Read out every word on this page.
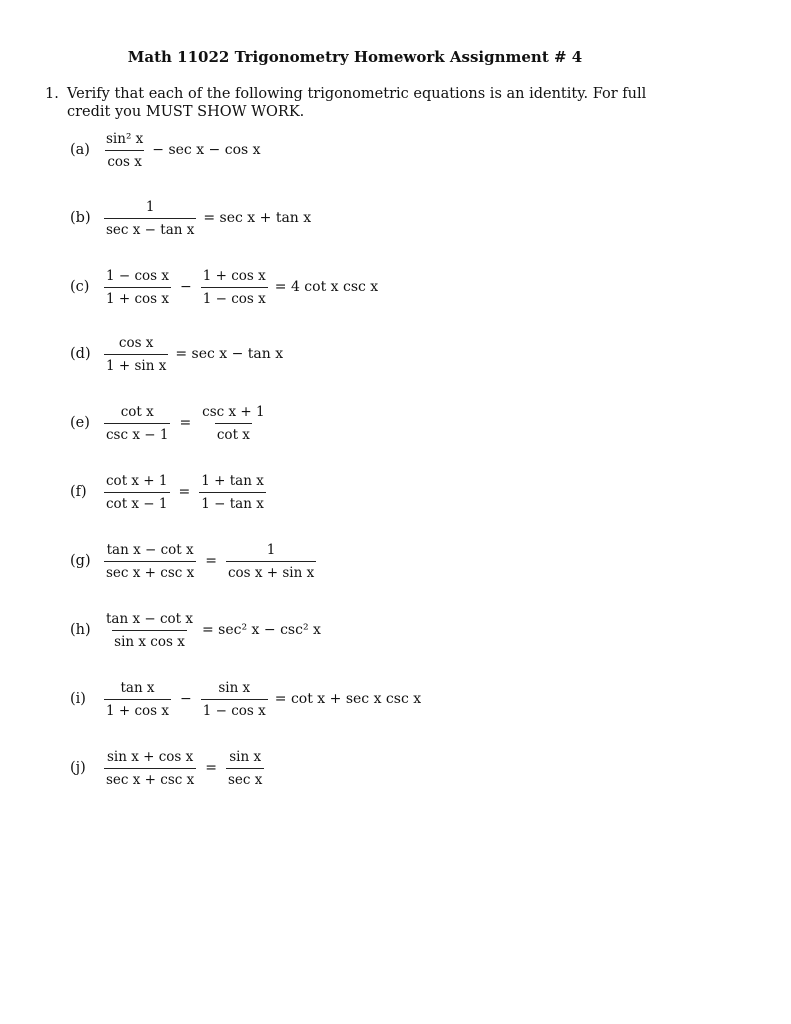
Math 11022 Trigonometry Homework Assignment # 4
1. Verify that each of the following trigonometric equations is an identity. For full credit you MUST SHOW WORK.
(a)	$\frac{\text{sin² x}}{\text{cos x}} - \sec x - \cos x$
$(b) \frac{1}{\text{sec x − tan x}} = \sec x + \tan x$
(c)	$\frac{\text{1 − cos x}}{\text{1 + cos x}} - \frac{\text{1 + cos x}}{\text{1 − cos x}} = 4$ cot x csc x
$(d) \frac{\text{cos x}}{\text{1 + sin x}} = \sec x - \tan x$
(e)	$\frac{\text{cot x}}{\text{csc x − 1}} = \frac{\text{csc x + 1}}{\text{cot x}}$
(f)	$\frac{\text{cot x + 1}}{\text{cot x − 1}} = \frac{\text{1 + tan x}}{\text{1 − tan x}}$
$(g) \frac{\text{tan x − cot x}}{\text{sec x + csc x}} = \frac{1}{\text{cos x + sin x}}$
$(h) \frac{\text{tan x − cot x}}{\text{sin x cos x}} = \sec^2$ x − csc² x
(i)	$\frac{\text{tan x}}{\text{1 + cos x}} - \frac{\text{sin x}}{\text{1 − cos x}} = \cot x + \sec x$ csc x
(j)	$\frac{\text{sin x + cos x}}{\text{sec x + csc x}} = \frac{\text{sin x}}{\text{sec x}}$
